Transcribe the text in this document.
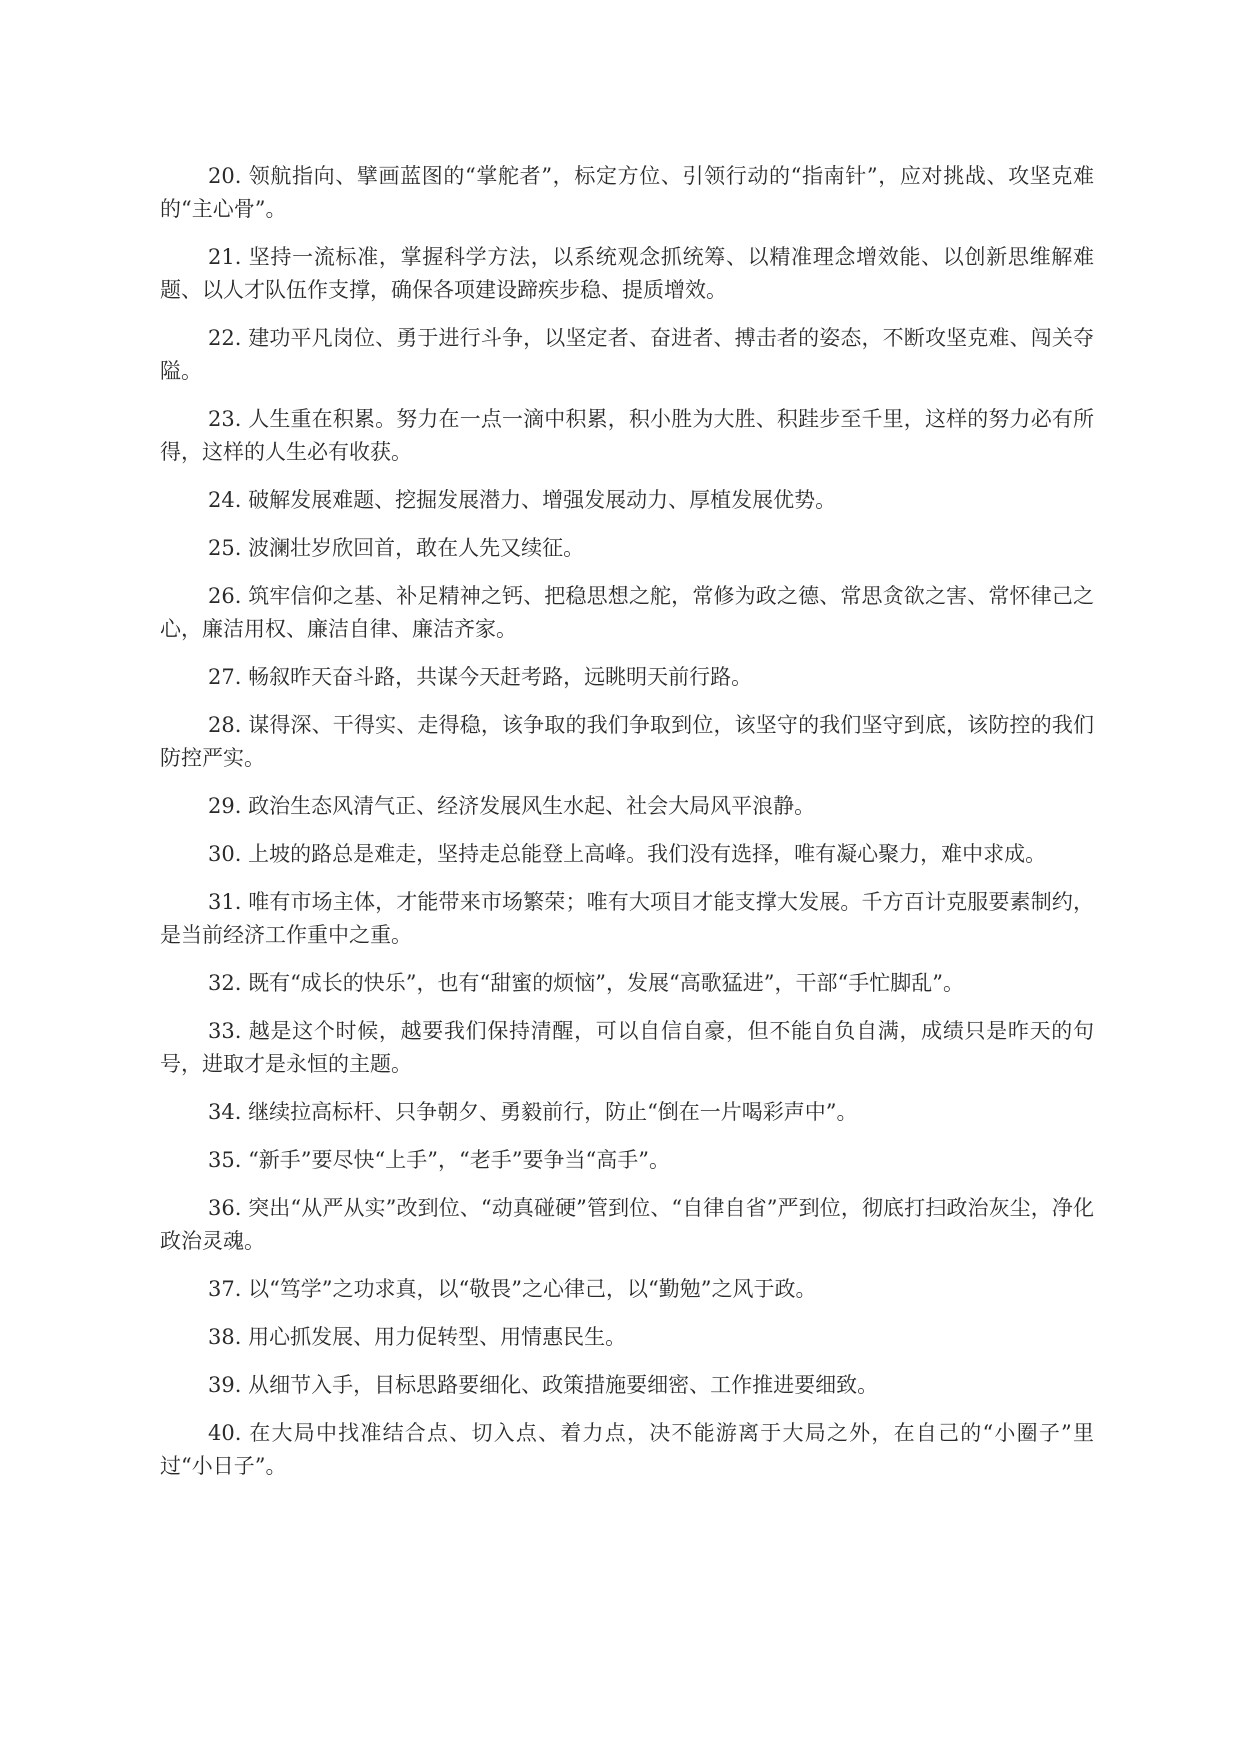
20. 领航指向、擘画蓝图的“掌舵者”，标定方位、引领行动的“指南针”，应对挑战、攻坚克难的“主心骨”。

21. 坚持一流标准，掌握科学方法，以系统观念抓统筹、以精准理念增效能、以创新思维解难题、以人才队伍作支撑，确保各项建设蹄疾步稳、提质增效。

22. 建功平凡岗位、勇于进行斗争，以坚定者、奋进者、搏击者的姿态，不断攻坚克难、闯关夺隘。

23. 人生重在积累。努力在一点一滴中积累，积小胜为大胜、积跬步至千里，这样的努力必有所得，这样的人生必有收获。

24. 破解发展难题、挖掘发展潜力、增强发展动力、厚植发展优势。

25. 波澜壮岁欣回首，敢在人先又续征。

26. 筑牢信仰之基、补足精神之钙、把稳思想之舵，常修为政之德、常思贪欲之害、常怀律己之心，廉洁用权、廉洁自律、廉洁齐家。

27. 畅叙昨天奋斗路，共谋今天赶考路，远眺明天前行路。

28. 谋得深、干得实、走得稳，该争取的我们争取到位，该坚守的我们坚守到底，该防控的我们防控严实。

29. 政治生态风清气正、经济发展风生水起、社会大局风平浪静。

30. 上坡的路总是难走，坚持走总能登上高峰。我们没有选择，唯有凝心聚力，难中求成。

31. 唯有市场主体，才能带来市场繁荣；唯有大项目才能支撑大发展。千方百计克服要素制约，是当前经济工作重中之重。

32. 既有“成长的快乐”，也有“甜蜜的烦恼”，发展“高歌猛进”，干部“手忙脚乱”。

33. 越是这个时候，越要我们保持清醒，可以自信自豪，但不能自负自满，成绩只是昨天的句号，进取才是永恒的主题。

34. 继续拉高标杆、只争朝夕、勇毅前行，防止“倒在一片喝彩声中”。

35. “新手”要尽快“上手”，“老手”要争当“高手”。

36. 突出“从严从实”改到位、“动真碰硬”管到位、“自律自省”严到位，彻底打扫政治灰尘，净化政治灵魂。

37. 以“笃学”之功求真，以“敬畏”之心律己，以“勤勉”之风于政。

38. 用心抓发展、用力促转型、用情惠民生。

39. 从细节入手，目标思路要细化、政策措施要细密、工作推进要细致。

40. 在大局中找准结合点、切入点、着力点，决不能游离于大局之外，在自己的“小圈子”里过“小日子”。
